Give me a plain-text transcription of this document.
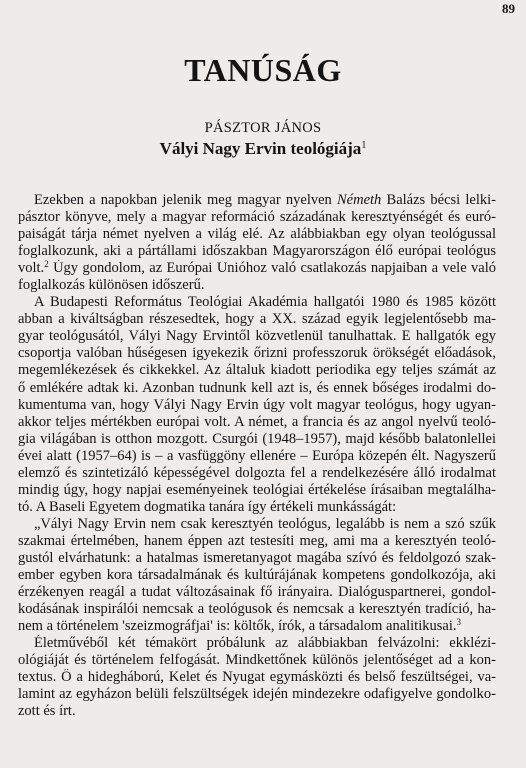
89
TANÚSÁG
PÁSZTOR JÁNOS
Vályi Nagy Ervin teológiája$^1$
Ezekben a napokban jelenik meg magyar nyelven Németh Balázs bécsi lelki-
pásztor könyve, mely a magyar reformáció századának keresztyénségét és euró-
paiságát tárja német nyelven a világ elé. Az alábbiakban egy olyan teológussal
foglalkozunk, aki a pártállami időszakban Magyarországon élő európai teológus
volt.$^2$ Úgy gondolom, az Európai Unióhoz való csatlakozás napjaiban a vele való
foglalkozás különösen időszerű.
A Budapesti Református Teológiai Akadémia hallgatói 1980 és 1985 között
abban a kiváltságban részesedtek, hogy a XX. század egyik legjelentősebb ma-
gyar teológusától, Vályi Nagy Ervintől közvetlenül tanulhattak. E hallgatók egy
csoportja valóban hűségesen igyekezik őrizni professzoruk örökségét előadások,
megemlékezések és cikkekkel. Az általuk kiadott periodika egy teljes számát az
ő emlékére adtak ki. Azonban tudnunk kell azt is, és ennek bőséges irodalmi do-
kumentuma van, hogy Vályi Nagy Ervin úgy volt magyar teológus, hogy ugyan-
akkor teljes mértékben európai volt. A német, a francia és az angol nyelvű teoló-
gia világában is otthon mozgott. Csurgói (1948–1957), majd később balatonlellei
évei alatt (1957–64) is – a vasfüggöny ellenére – Európa közepén élt. Nagyszerű
elemző és szintetizáló képességével dolgozta fel a rendelkezésére álló irodalmat
mindig úgy, hogy napjai eseményeinek teológiai értékelése írásaiban megtalálha-
tó. A Baseli Egyetem dogmatika tanára így értékeli munkásságát:
„Vályi Nagy Ervin nem csak keresztyén teológus, legalább is nem a szó szűk
szakmai értelmében, hanem éppen azt testesíti meg, ami ma a keresztyén teoló-
gustól elvárhatunk: a hatalmas ismeretanyagot magába szívó és feldolgozó szak-
ember egyben kora társadalmának és kultúrájának kompetens gondolkozója, aki
érzékenyen reagál a tudat változásainak fő irányaira. Dialóguspartnerei, gondol-
kodásának inspirálói nemcsak a teológusok és nemcsak a keresztyén tradíció, ha-
nem a történelem 'szeizmográfjai' is: költők, írók, a társadalom analitikusai.$^3$
Életművéből két témakört próbálunk az alábbiakban felvázolni: ekklézi-
ológiáját és történelem felfogását. Mindkettőnek különös jelentőséget ad a kon-
textus. Ő a hidegháború, Kelet és Nyugat egymásközti és belső feszültségei, va-
lamint az egyházon belüli felszültségek idején mindezekre odafigyelve gondolko-
zott és írt.
